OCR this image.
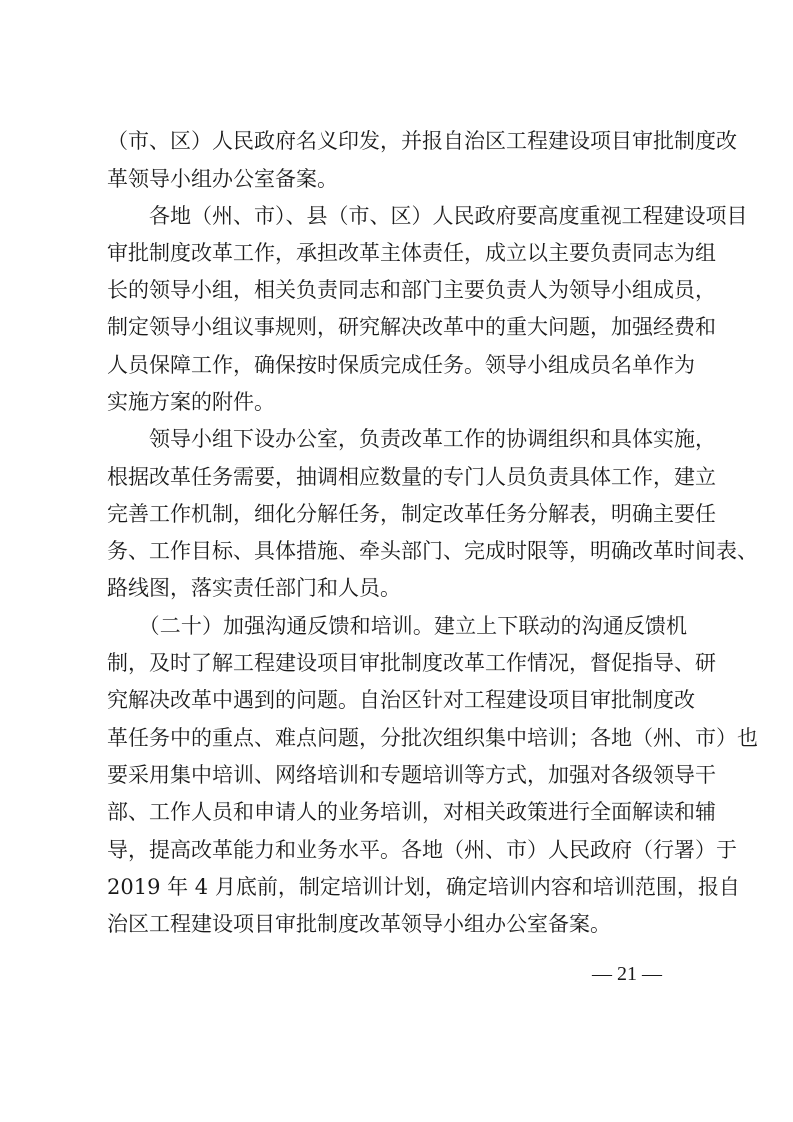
（市、区）人民政府名义印发，并报自治区工程建设项目审批制度改
革领导小组办公室备案。
　　各地（州、市）、县（市、区）人民政府要高度重视工程建设项目
审批制度改革工作，承担改革主体责任，成立以主要负责同志为组
长的领导小组，相关负责同志和部门主要负责人为领导小组成员，
制定领导小组议事规则，研究解决改革中的重大问题，加强经费和
人员保障工作，确保按时保质完成任务。领导小组成员名单作为
实施方案的附件。
　　领导小组下设办公室，负责改革工作的协调组织和具体实施，
根据改革任务需要，抽调相应数量的专门人员负责具体工作，建立
完善工作机制，细化分解任务，制定改革任务分解表，明确主要任
务、工作目标、具体措施、牵头部门、完成时限等，明确改革时间表、
路线图，落实责任部门和人员。
　　（二十）加强沟通反馈和培训。建立上下联动的沟通反馈机
制，及时了解工程建设项目审批制度改革工作情况，督促指导、研
究解决改革中遇到的问题。自治区针对工程建设项目审批制度改
革任务中的重点、难点问题，分批次组织集中培训；各地（州、市）也
要采用集中培训、网络培训和专题培训等方式，加强对各级领导干
部、工作人员和申请人的业务培训，对相关政策进行全面解读和辅
导，提高改革能力和业务水平。各地（州、市）人民政府（行署）于
2019 年 4 月底前，制定培训计划，确定培训内容和培训范围，报自
治区工程建设项目审批制度改革领导小组办公室备案。
— 21 —
